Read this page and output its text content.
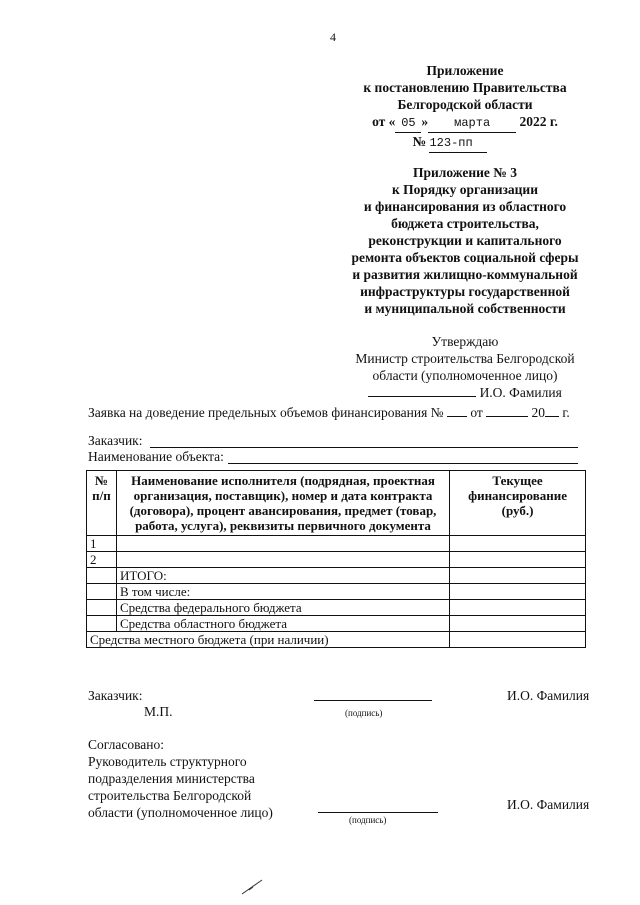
4
Приложение
к постановлению Правительства
Белгородской области
от « 05 » марта 2022 г.
№ 123-пп
Приложение № 3
к Порядку организации
и финансирования из областного
бюджета строительства,
реконструкции и капитального
ремонта объектов социальной сферы
и развития жилищно-коммунальной
инфраструктуры государственной
и муниципальной собственности
Утверждаю
Министр строительства Белгородской
области (уполномоченное лицо)
И.О. Фамилия
Заявка на доведение предельных объемов финансирования № от	20 г.
Заказчик:
Наименование объекта:
№ п/п	Наименование исполнителя (подрядная, проектная организация, поставщик), номер и дата контракта (договора), процент авансирования, предмет (товар, работа, услуга), реквизиты первичного документа	Текущее финансирование (руб.)
1		
2		
	ИТОГО:	
	В том числе:	
	Средства федерального бюджета	
	Средства областного бюджета	
Средства местного бюджета (при наличии)		
Заказчик:	И.О. Фамилия
М.П.	(подпись)
Согласовано:
Руководитель структурного
подразделения министерства
строительства Белгородской
области (уполномоченное лицо)
И.О. Фамилия
(подпись)
